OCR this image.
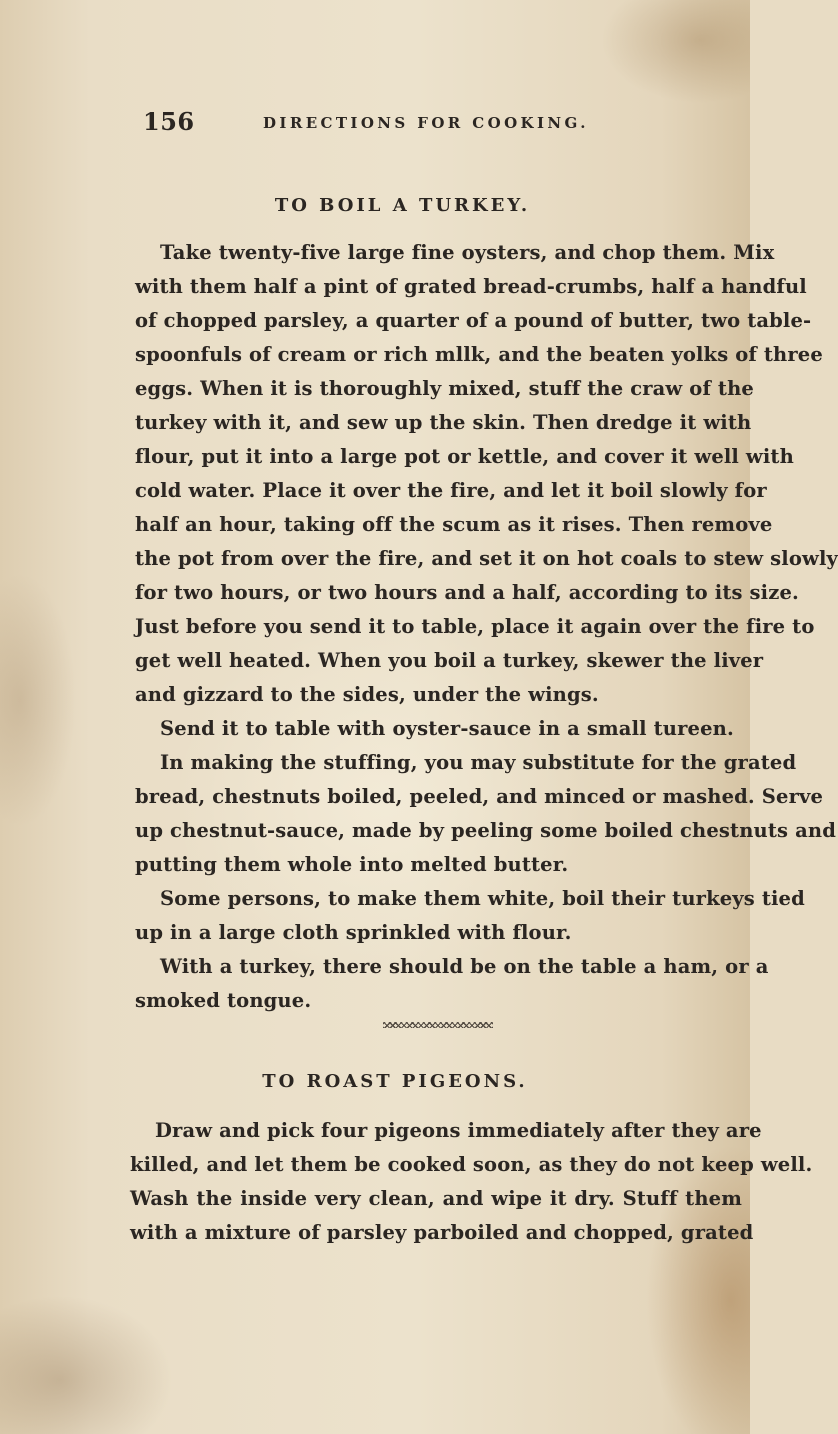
156	DIRECTIONS FOR COOKING.
TO BOIL A TURKEY.
Take twenty-five large fine oysters, and chop them. Mix
with them half a pint of grated bread-crumbs, half a handful
of chopped parsley, a quarter of a pound of butter, two table-
spoonfuls of cream or rich mllk, and the beaten yolks of three
eggs. When it is thoroughly mixed, stuff the craw of the
turkey with it, and sew up the skin. Then dredge it with
flour, put it into a large pot or kettle, and cover it well with
cold water. Place it over the fire, and let it boil slowly for
half an hour, taking off the scum as it rises. Then remove
the pot from over the fire, and set it on hot coals to stew slowly
for two hours, or two hours and a half, according to its size.
Just before you send it to table, place it again over the fire to
get well heated. When you boil a turkey, skewer the liver
and gizzard to the sides, under the wings.
Send it to table with oyster-sauce in a small tureen.
In making the stuffing, you may substitute for the grated
bread, chestnuts boiled, peeled, and minced or mashed. Serve
up chestnut-sauce, made by peeling some boiled chestnuts and
putting them whole into melted butter.
Some persons, to make them white, boil their turkeys tied
up in a large cloth sprinkled with flour.
With a turkey, there should be on the table a ham, or a
smoked tongue.
TO ROAST PIGEONS.
Draw and pick four pigeons immediately after they are
killed, and let them be cooked soon, as they do not keep well.
Wash the inside very clean, and wipe it dry. Stuff them
with a mixture of parsley parboiled and chopped, grated
